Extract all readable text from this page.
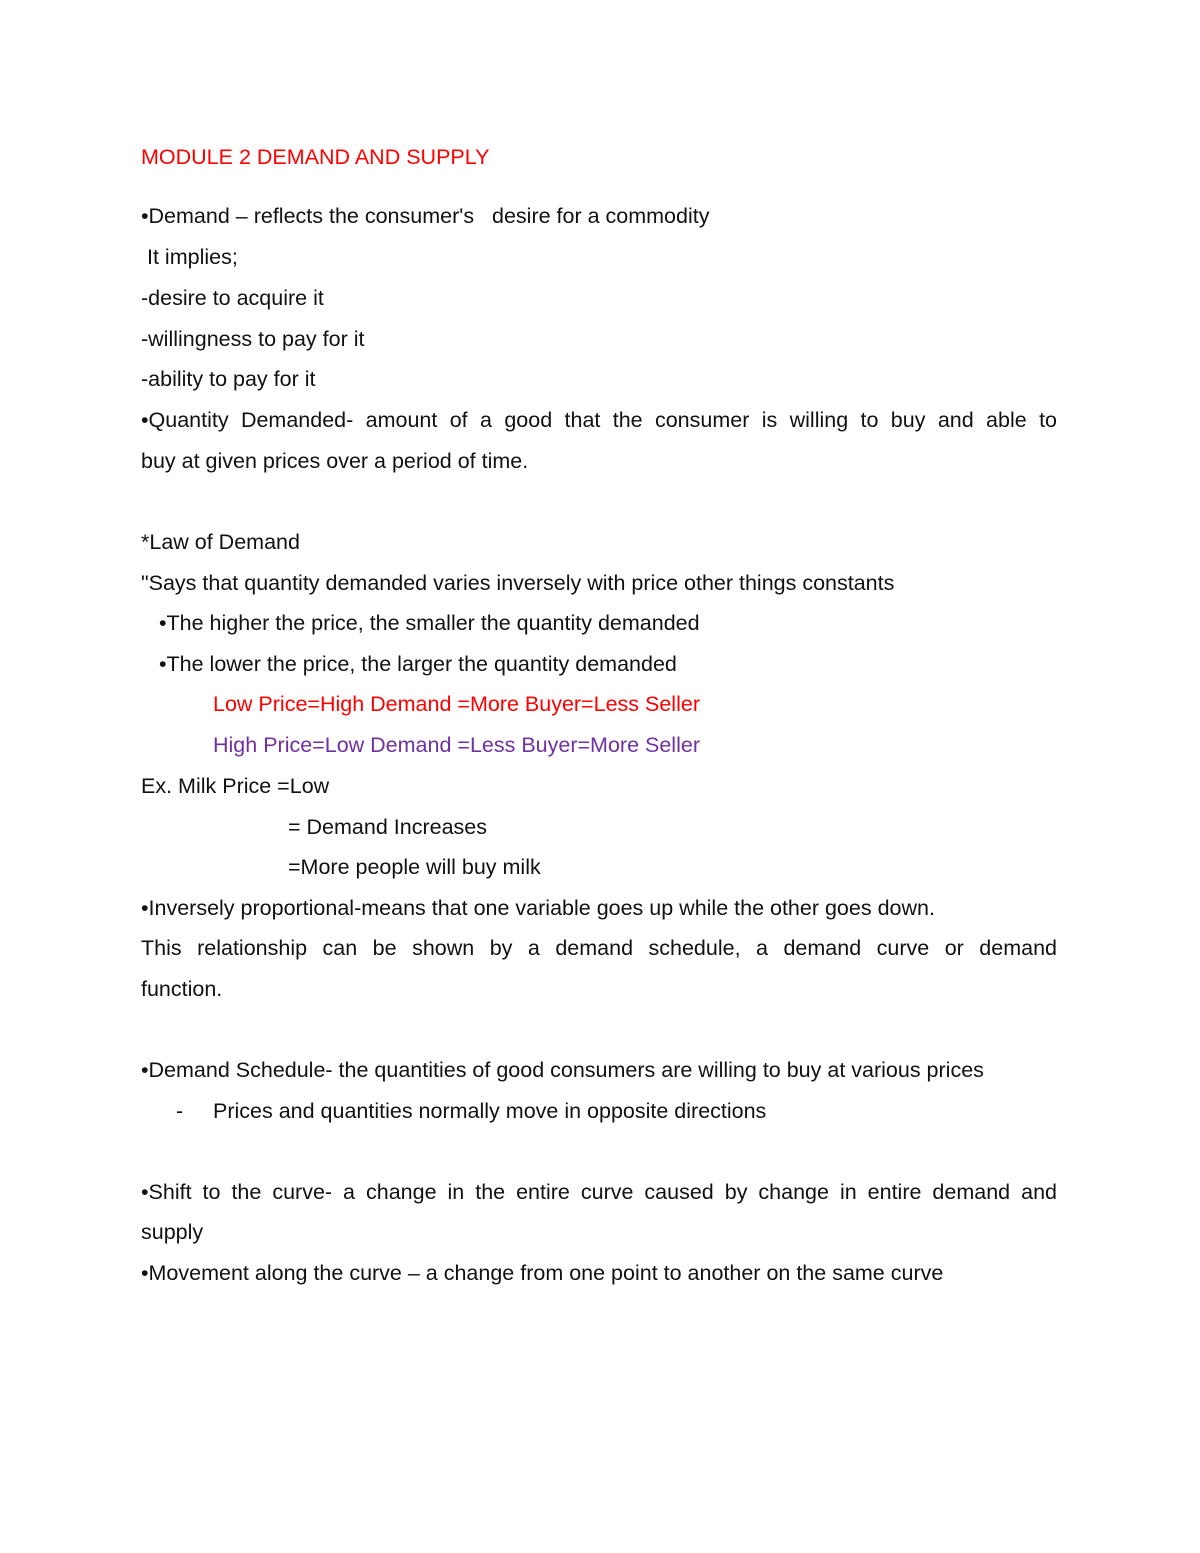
MODULE 2 DEMAND AND SUPPLY

•Demand – reflects the consumer's   desire for a commodity

It implies;

-desire to acquire it

-willingness to pay for it

-ability to pay for it

•Quantity Demanded- amount of a good that the consumer is willing to buy and able to

buy at given prices over a period of time.

*Law of Demand

"Says that quantity demanded varies inversely with price other things constants

•The higher the price, the smaller the quantity demanded

•The lower the price, the larger the quantity demanded

Low Price=High Demand =More Buyer=Less Seller

High Price=Low Demand =Less Buyer=More Seller

Ex. Milk Price =Low

= Demand Increases

=More people will buy milk

•Inversely proportional-means that one variable goes up while the other goes down.

This relationship can be shown by a demand schedule, a demand curve or demand

function.

•Demand Schedule- the quantities of good consumers are willing to buy at various prices

- Prices and quantities normally move in opposite directions

•Shift to the curve- a change in the entire curve caused by change in entire demand and

supply

•Movement along the curve – a change from one point to another on the same curve
